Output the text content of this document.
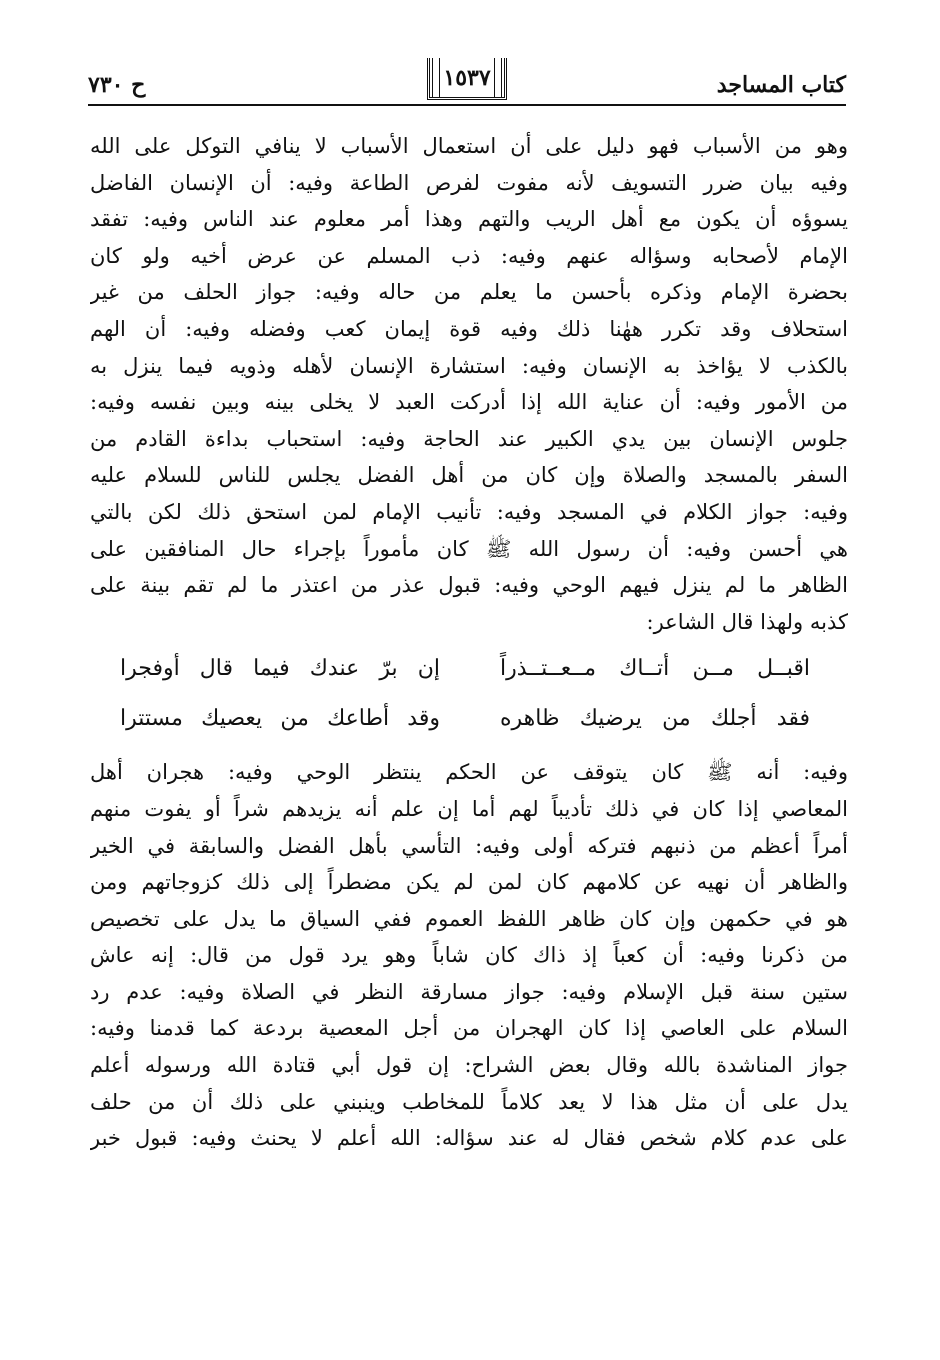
كتاب المساجد
١٥٣٧
ح ٧٣٠
وهو من الأسباب فهو دليل على أن استعمال الأسباب لا ينافي التوكل على الله
وفيه بيان ضرر التسويف لأنه مفوت لفرص الطاعة وفيه: أن الإنسان الفاضل
يسوؤه أن يكون مع أهل الريب والتهم وهذا أمر معلوم عند الناس وفيه: تفقد
الإمام لأصحابه وسؤاله عنهم وفيه: ذب المسلم عن عرض أخيه ولو كان
بحضرة الإمام وذكره بأحسن ما يعلم من حاله وفيه: جواز الحلف من غير
استحلاف وقد تكرر ههٰنا ذلك وفيه قوة إيمان كعب وفضله وفيه: أن الهم
بالكذب لا يؤاخذ به الإنسان وفيه: استشارة الإنسان لأهله وذويه فيما ينزل به
من الأمور وفيه: أن عناية الله إذا أدركت العبد لا يخلى بينه وبين نفسه وفيه:
جلوس الإنسان بين يدي الكبير عند الحاجة وفيه: استحباب بداءة القادم من
السفر بالمسجد والصلاة وإن كان من أهل الفضل يجلس للناس للسلام عليه
وفيه: جواز الكلام في المسجد وفيه: تأنيب الإمام لمن استحق ذلك لكن بالتي
هي أحسن وفيه: أن رسول الله ﷺ كان مأموراً بإجراء حال المنافقين على
الظاهر ما لم ينزل فيهم الوحي وفيه: قبول عذر من اعتذر ما لم تقم بينة على
كذبه ولهذا قال الشاعر:
اقبــل مــن أتــاك مــعــتــذراً
إن برّ عندك فيما قال أوفجرا
فقد أجلك من يرضيك ظاهره
وقد أطاعك من يعصيك مستترا
وفيه: أنه ﷺ كان يتوقف عن الحكم ينتظر الوحي وفيه: هجران أهل
المعاصي إذا كان في ذلك تأديباً لهم أما إن علم أنه يزيدهم شراً أو يفوت منهم
أمراً أعظم من ذنبهم فتركه أولى وفيه: التأسي بأهل الفضل والسابقة في الخير
والظاهر أن نهيه عن كلامهم كان لمن لم يكن مضطراً إلى ذلك كزوجاتهم ومن
هو في حكمهن وإن كان ظاهر اللفظ العموم ففي السياق ما يدل على تخصيص
من ذكرنا وفيه: أن كعباً إذ ذاك كان شاباً وهو يرد قول من قال: إنه عاش
ستين سنة قبل الإسلام وفيه: جواز مسارقة النظر في الصلاة وفيه: عدم رد
السلام على العاصي إذا كان الهجران من أجل المعصية بردعة كما قدمنا وفيه:
جواز المناشدة بالله وقال بعض الشراح: إن قول أبي قتادة الله ورسوله أعلم
يدل على أن مثل هذا لا يعد كلاماً للمخاطب وينبني على ذلك أن من حلف
على عدم كلام شخص فقال له عند سؤاله: الله أعلم لا يحنث وفيه: قبول خبر
